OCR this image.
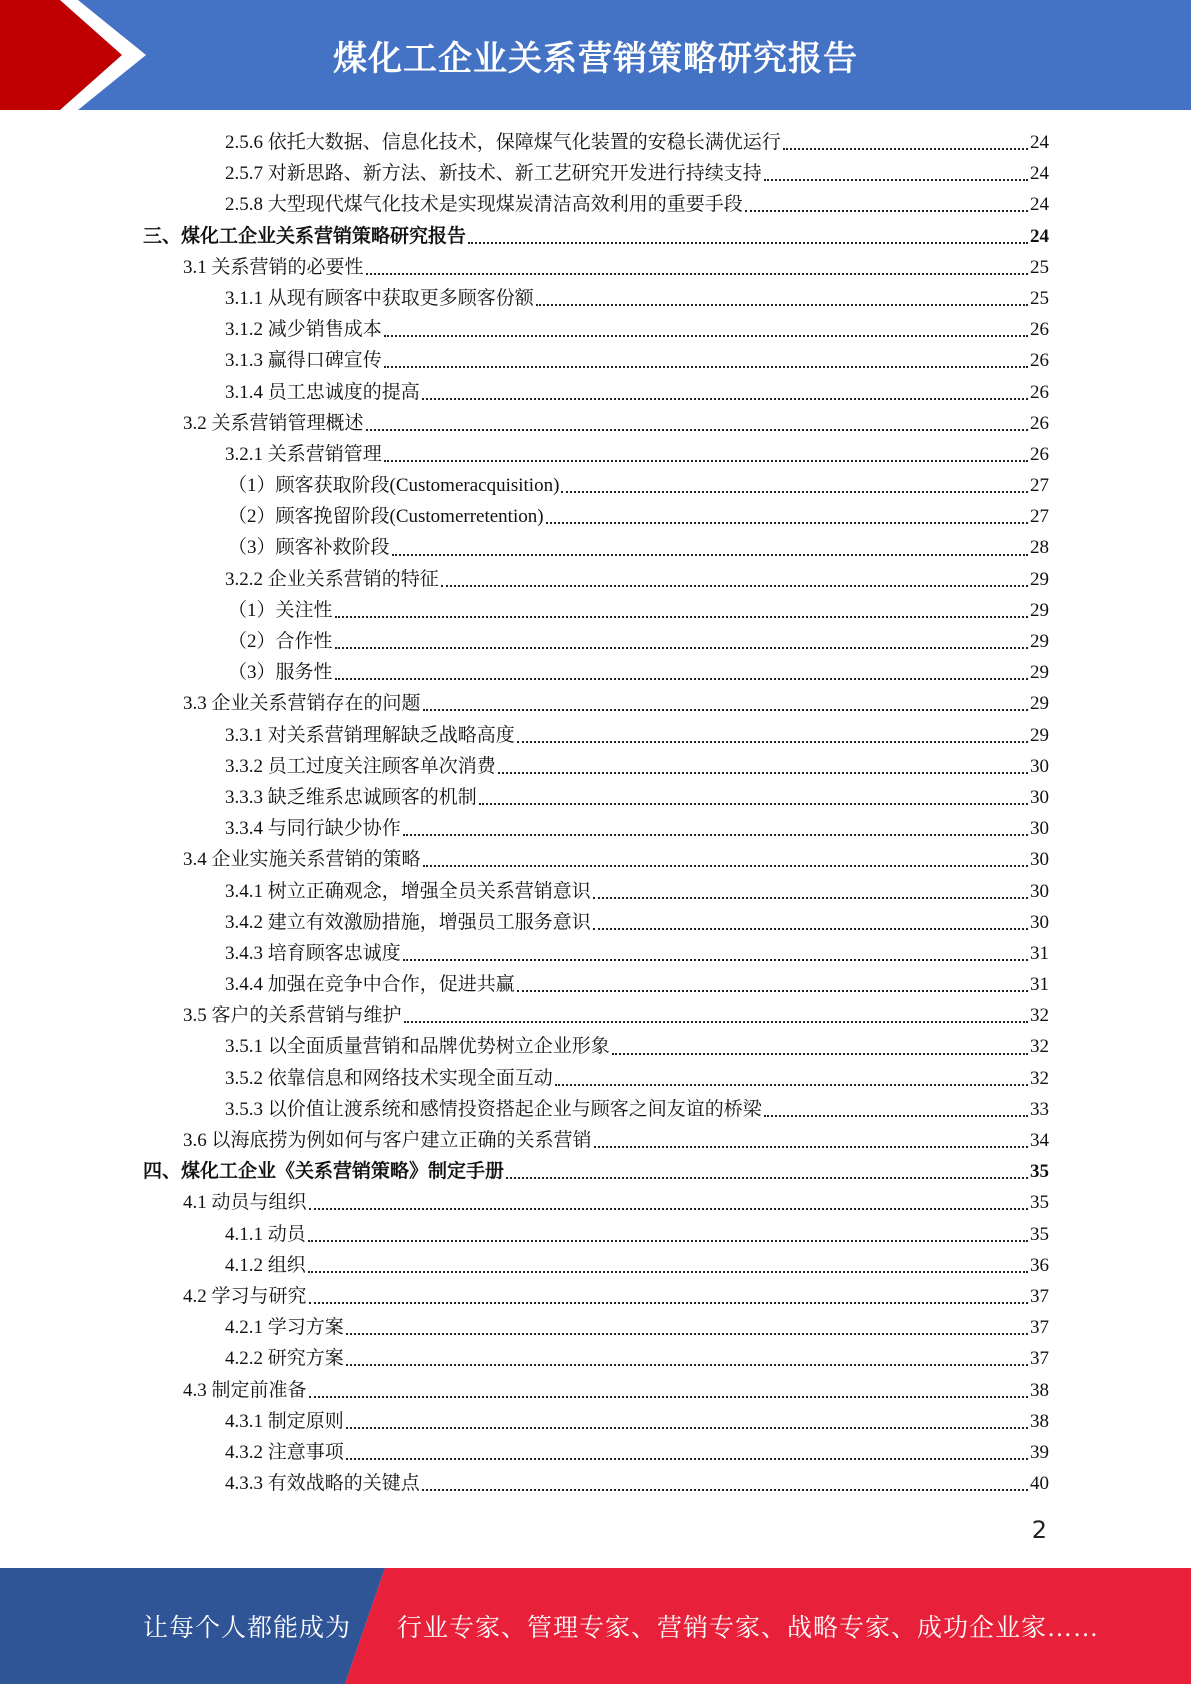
煤化工企业关系营销策略研究报告
2.5.6 依托大数据、信息化技术，保障煤气化装置的安稳长满优运行	24
2.5.7 对新思路、新方法、新技术、新工艺研究开发进行持续支持	24
2.5.8 大型现代煤气化技术是实现煤炭清洁高效利用的重要手段	24
三、煤化工企业关系营销策略研究报告	24
3.1 关系营销的必要性	25
3.1.1 从现有顾客中获取更多顾客份额	25
3.1.2 减少销售成本	26
3.1.3 赢得口碑宣传	26
3.1.4 员工忠诚度的提高	26
3.2 关系营销管理概述	26
3.2.1 关系营销管理	26
（1）顾客获取阶段(Customeracquisition)	27
（2）顾客挽留阶段(Customerretention)	27
（3）顾客补救阶段	28
3.2.2 企业关系营销的特征	29
（1）关注性	29
（2）合作性	29
（3）服务性	29
3.3 企业关系营销存在的问题	29
3.3.1 对关系营销理解缺乏战略高度	29
3.3.2 员工过度关注顾客单次消费	30
3.3.3 缺乏维系忠诚顾客的机制	30
3.3.4 与同行缺少协作	30
3.4 企业实施关系营销的策略	30
3.4.1 树立正确观念，增强全员关系营销意识	30
3.4.2 建立有效激励措施，增强员工服务意识	30
3.4.3 培育顾客忠诚度	31
3.4.4 加强在竞争中合作，促进共赢	31
3.5 客户的关系营销与维护	32
3.5.1 以全面质量营销和品牌优势树立企业形象	32
3.5.2 依靠信息和网络技术实现全面互动	32
3.5.3 以价值让渡系统和感情投资搭起企业与顾客之间友谊的桥梁	33
3.6 以海底捞为例如何与客户建立正确的关系营销	34
四、煤化工企业《关系营销策略》制定手册	35
4.1 动员与组织	35
4.1.1 动员	35
4.1.2 组织	36
4.2 学习与研究	37
4.2.1 学习方案	37
4.2.2 研究方案	37
4.3 制定前准备	38
4.3.1 制定原则	38
4.3.2 注意事项	39
4.3.3 有效战略的关键点	40
2
让每个人都能成为 行业专家、管理专家、营销专家、战略专家、成功企业家……
